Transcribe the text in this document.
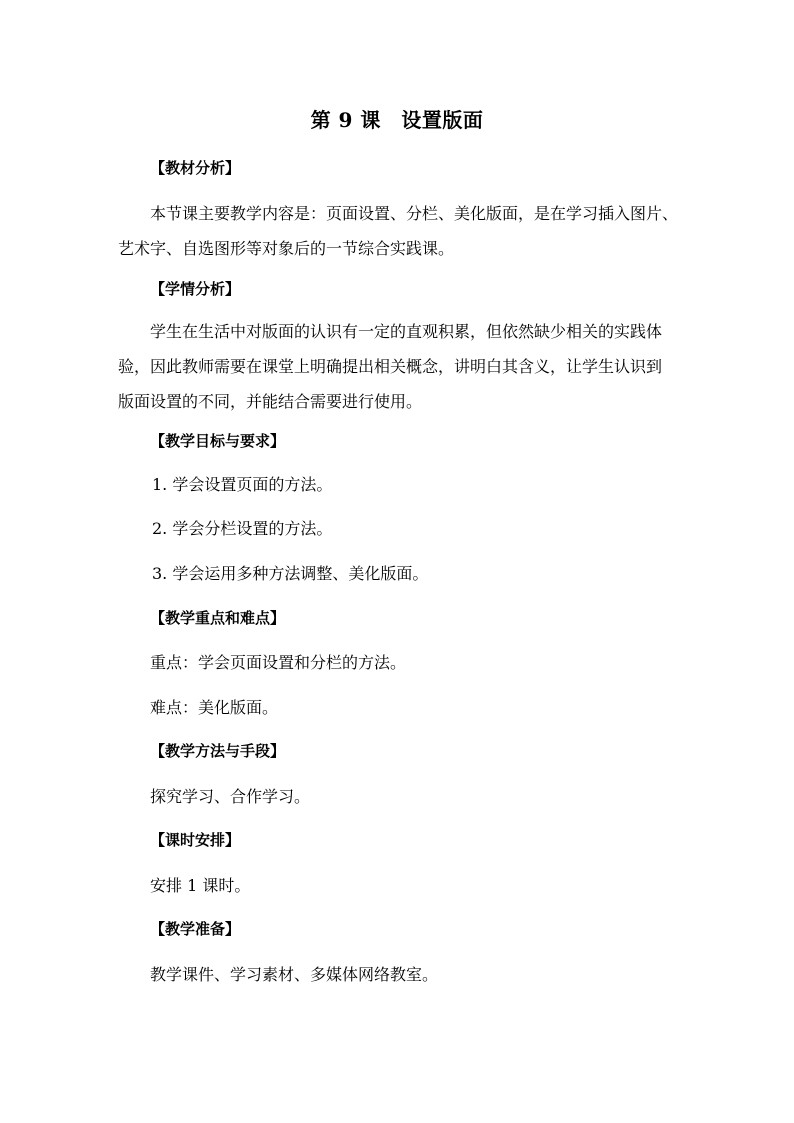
第 9 课　设置版面
【教材分析】
本节课主要教学内容是：页面设置、分栏、美化版面，是在学习插入图片、
艺术字、自选图形等对象后的一节综合实践课。
【学情分析】
学生在生活中对版面的认识有一定的直观积累，但依然缺少相关的实践体
验，因此教师需要在课堂上明确提出相关概念，讲明白其含义，让学生认识到
版面设置的不同，并能结合需要进行使用。
【教学目标与要求】
1. 学会设置页面的方法。
2. 学会分栏设置的方法。
3. 学会运用多种方法调整、美化版面。
【教学重点和难点】
重点：学会页面设置和分栏的方法。
难点：美化版面。
【教学方法与手段】
探究学习、合作学习。
【课时安排】
安排 1 课时。
【教学准备】
教学课件、学习素材、多媒体网络教室。
